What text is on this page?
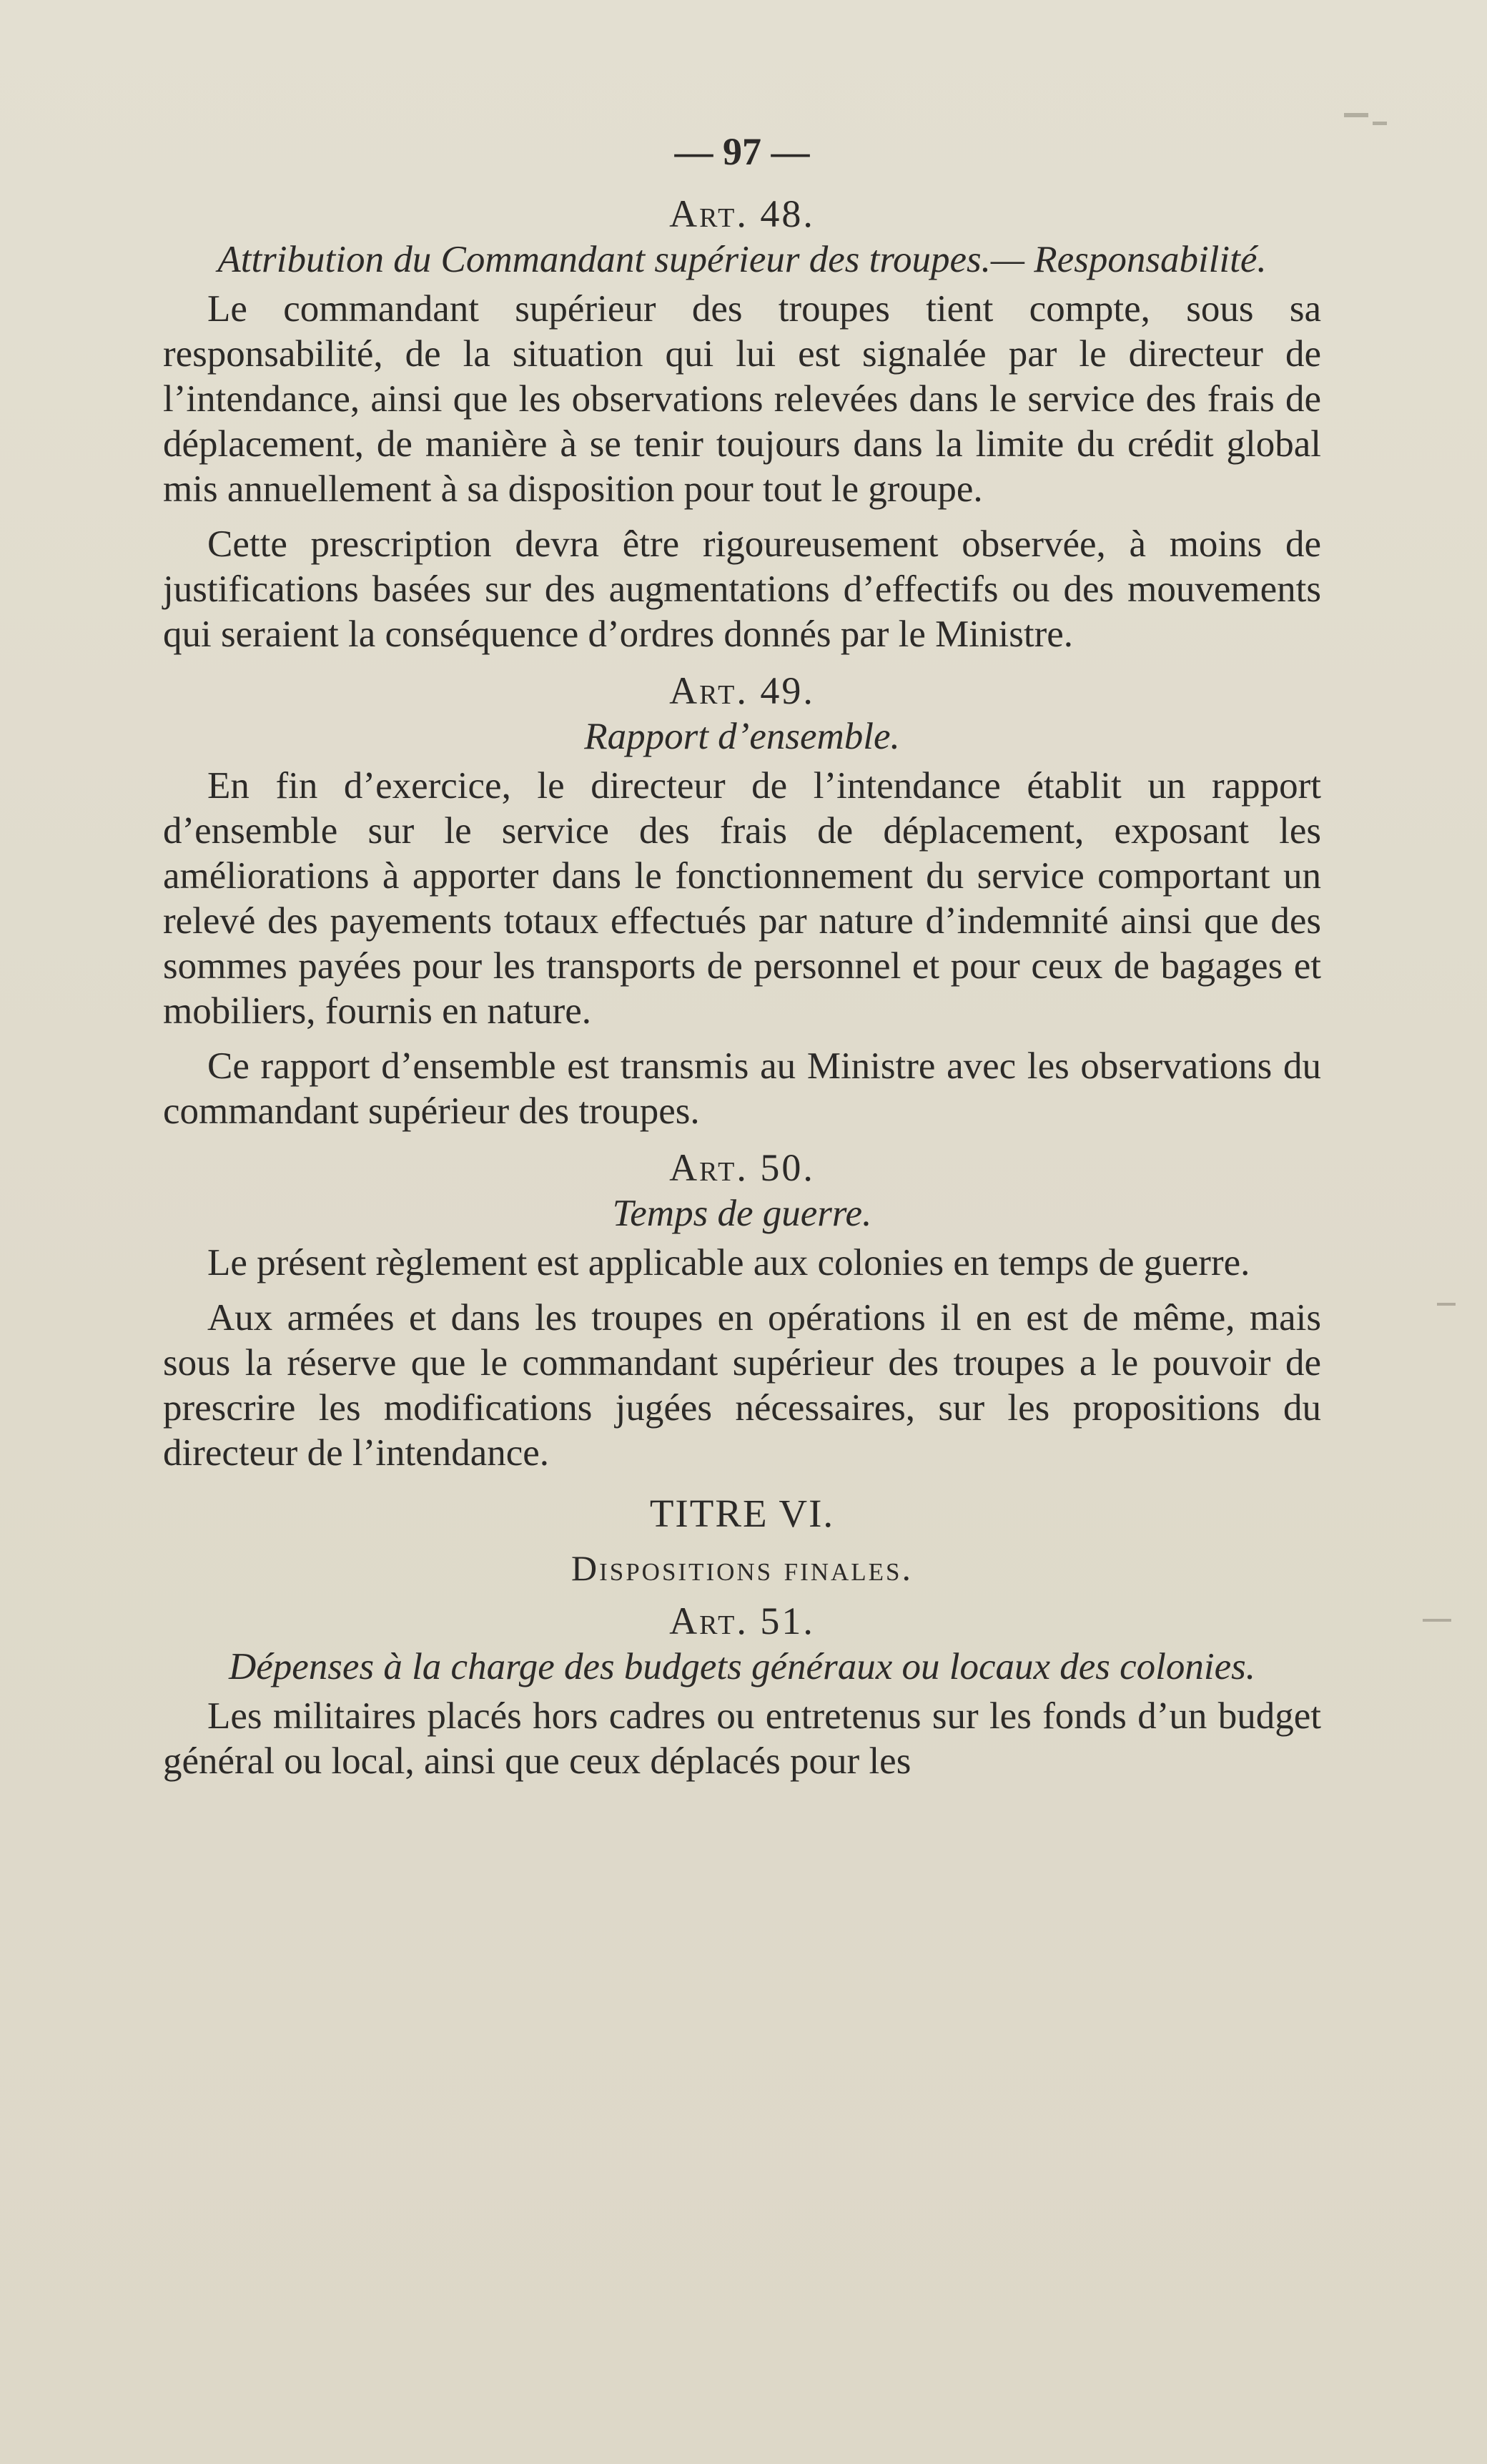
— 97 —
Art. 48.
Attribution du Commandant supérieur des troupes.— Responsabilité.

Le commandant supérieur des troupes tient compte, sous sa responsabilité, de la situation qui lui est signalée par le directeur de l’intendance, ainsi que les observations relevées dans le service des frais de déplacement, de manière à se tenir toujours dans la limite du crédit global mis annuellement à sa disposition pour tout le groupe.

Cette prescription devra être rigoureusement observée, à moins de justifications basées sur des augmentations d’effectifs ou des mouvements qui seraient la conséquence d’ordres donnés par le Ministre.

Art. 49.
Rapport d’ensemble.

En fin d’exercice, le directeur de l’intendance établit un rapport d’ensemble sur le service des frais de déplacement, exposant les améliorations à apporter dans le fonctionnement du service comportant un relevé des payements totaux effectués par nature d’indemnité ainsi que des sommes payées pour les transports de personnel et pour ceux de bagages et mobiliers, fournis en nature.

Ce rapport d’ensemble est transmis au Ministre avec les observations du commandant supérieur des troupes.

Art. 50.
Temps de guerre.

Le présent règlement est applicable aux colonies en temps de guerre.

Aux armées et dans les troupes en opérations il en est de même, mais sous la réserve que le commandant supérieur des troupes a le pouvoir de prescrire les modifications jugées nécessaires, sur les propositions du directeur de l’intendance.

TITRE VI.
Dispositions finales.
Art. 51.
Dépenses à la charge des budgets généraux ou locaux des colonies.

Les militaires placés hors cadres ou entretenus sur les fonds d’un budget général ou local, ainsi que ceux déplacés pour les
